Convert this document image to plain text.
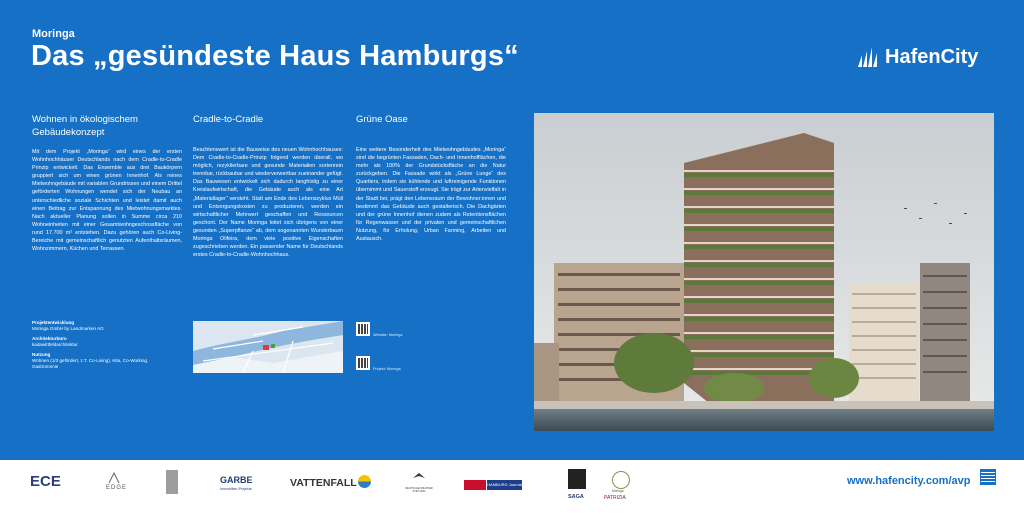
Moringa
Das „gesündeste Haus Hamburgs“	HafenCity
Wohnen in ökologischem
Gebäudekonzept

Mit dem Projekt „Moringa“ wird eines der ersten Wohnhochhäuser Deutschlands nach dem Cradle-to-Cradle Prinzip entwickelt. Das Ensemble aus drei Baukörpern gruppiert sich um einen grünen Innenhof. Als reines Mietwohngebäude mit variablen Grundrissen und einem Drittel geförderten Wohnungen wendet sich der Neubau an unterschiedliche soziale Schichten und leistet damit auch einen Beitrag zur Entspannung des Mietwohnungsmarktes. Nach aktueller Planung sollen in Summe circa 210 Wohneinheiten mit einer Gesamtwohngeschossfläche von rund 17.700 m² entstehen. Dazu gehören auch Co-Living-Bereiche mit gemeinschaftlich genutzten Aufenthaltsräumen, Wohnzimmern, Küchen und Terrassen.

Cradle-to-Cradle

Beachtenswert ist die Bauweise des neuen Wohnhochhauses: Dem Cradle-to-Cradle-Prinzip folgend werden überall, wo möglich, rezyklierbare und gesunde Materialien sortenrein trennbar, rückbaubar und wiederverwertbar zueinander gefügt. Das Bauwesen entwickelt sich dadurch langfristig zu einer Kreislaufwirtschaft, die Gebäude auch als eine Art „Materiallager“ versteht. Statt am Ende des Lebenszyklus Müll und Entsorgungskosten zu produzieren, werden ein wirtschaftlicher Mehrwert geschaffen und Ressourcen geschont. Der Name Moringa leitet sich übrigens von einer gesunden „Superpflanze“ ab, dem sogenannten Wunderbaum Moringa Olifeira, dem viele positive Eigenschaften zugeschrieben werden. Ein passender Name für Deutschlands erstes Cradle-to-Cradle-Wohnhochhaus.

Grüne Oase

Eine weitere Besonderheit des Mietwohngebäudes „Moringa“ sind die begrünten Fassaden, Dach- und Innenhofflächen, die mehr als 100% der Grundstücksfläche an die Natur zurückgeben. Die Fassade wirkt als „Grüne Lunge“ des Quartiers, indem sie kühlende und luftreinigende Funktionen übernimmt und Sauerstoff erzeugt. Sie trägt zur Artenvielfalt in der Stadt bei, prägt den Lebensraum der Bewohner:innen und bestimmt das Gebäude auch gestalterisch. Die Dachgärten und der grüne Innenhof dienen zudem als Retentionsflächen für Regenwasser und der privaten und gemeinschaftlichen Nutzung, für Erholung, Urban Farming, Arbeiten und Austausch.

Projektentwicklung
Moringa GmbH by Landmarken AG
Architekturbüro
kadawittfeldarchitektur
Nutzung
Wohnen (1/3 gefördert, z.T. Co-Living), Kita, Co-Working, Gastronomie
Website: Moringa
Projekt: Moringa
ECE	EDGE
GARBE
Immobilien-Projekte	VATTENFALL	DEUTSCHE WILDTIER STIFTUNG
HAMBURG Journal
SAGA
Moringa
PATRIZIA
www.hafencity.com/avp
